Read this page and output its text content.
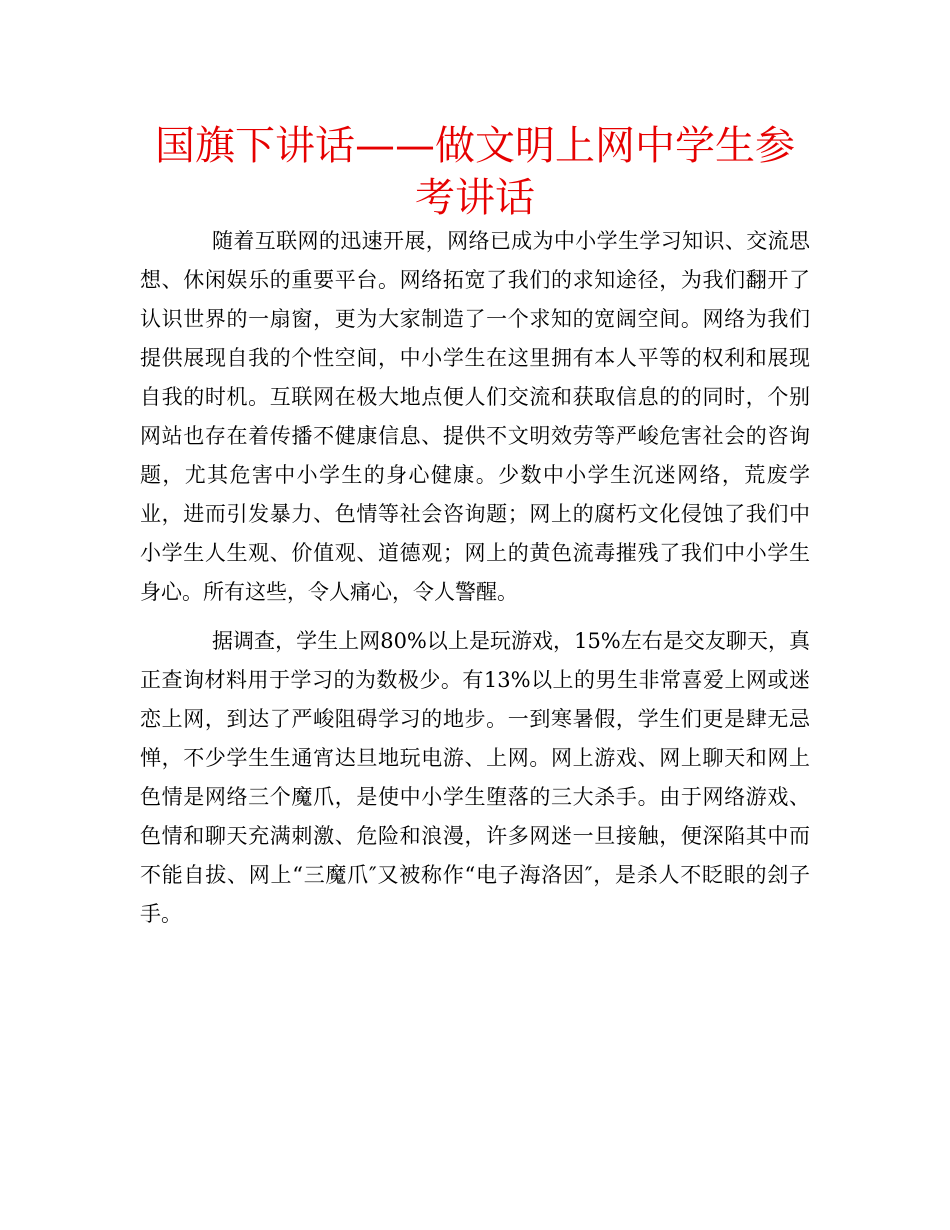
国旗下讲话——做文明上网中学生参考讲话

随着互联网的迅速开展，网络已成为中小学生学习知识、交流思想、休闲娱乐的重要平台。网络拓宽了我们的求知途径，为我们翻开了认识世界的一扇窗，更为大家制造了一个求知的宽阔空间。网络为我们提供展现自我的个性空间，中小学生在这里拥有本人平等的权利和展现自我的时机。互联网在极大地点便人们交流和获取信息的的同时，个别网站也存在着传播不健康信息、提供不文明效劳等严峻危害社会的咨询题，尤其危害中小学生的身心健康。少数中小学生沉迷网络，荒废学业，进而引发暴力、色情等社会咨询题；网上的腐朽文化侵蚀了我们中小学生人生观、价值观、道德观；网上的黄色流毒摧残了我们中小学生身心。所有这些，令人痛心，令人警醒。

据调查，学生上网80%以上是玩游戏，15%左右是交友聊天，真正查询材料用于学习的为数极少。有13%以上的男生非常喜爱上网或迷恋上网，到达了严峻阻碍学习的地步。一到寒暑假，学生们更是肆无忌惮，不少学生生通宵达旦地玩电游、上网。网上游戏、网上聊天和网上色情是网络三个魔爪，是使中小学生堕落的三大杀手。由于网络游戏、色情和聊天充满刺激、危险和浪漫，许多网迷一旦接触，便深陷其中而不能自拔、网上“三魔爪″又被称作“电子海洛因″，是杀人不眨眼的刽子手。
